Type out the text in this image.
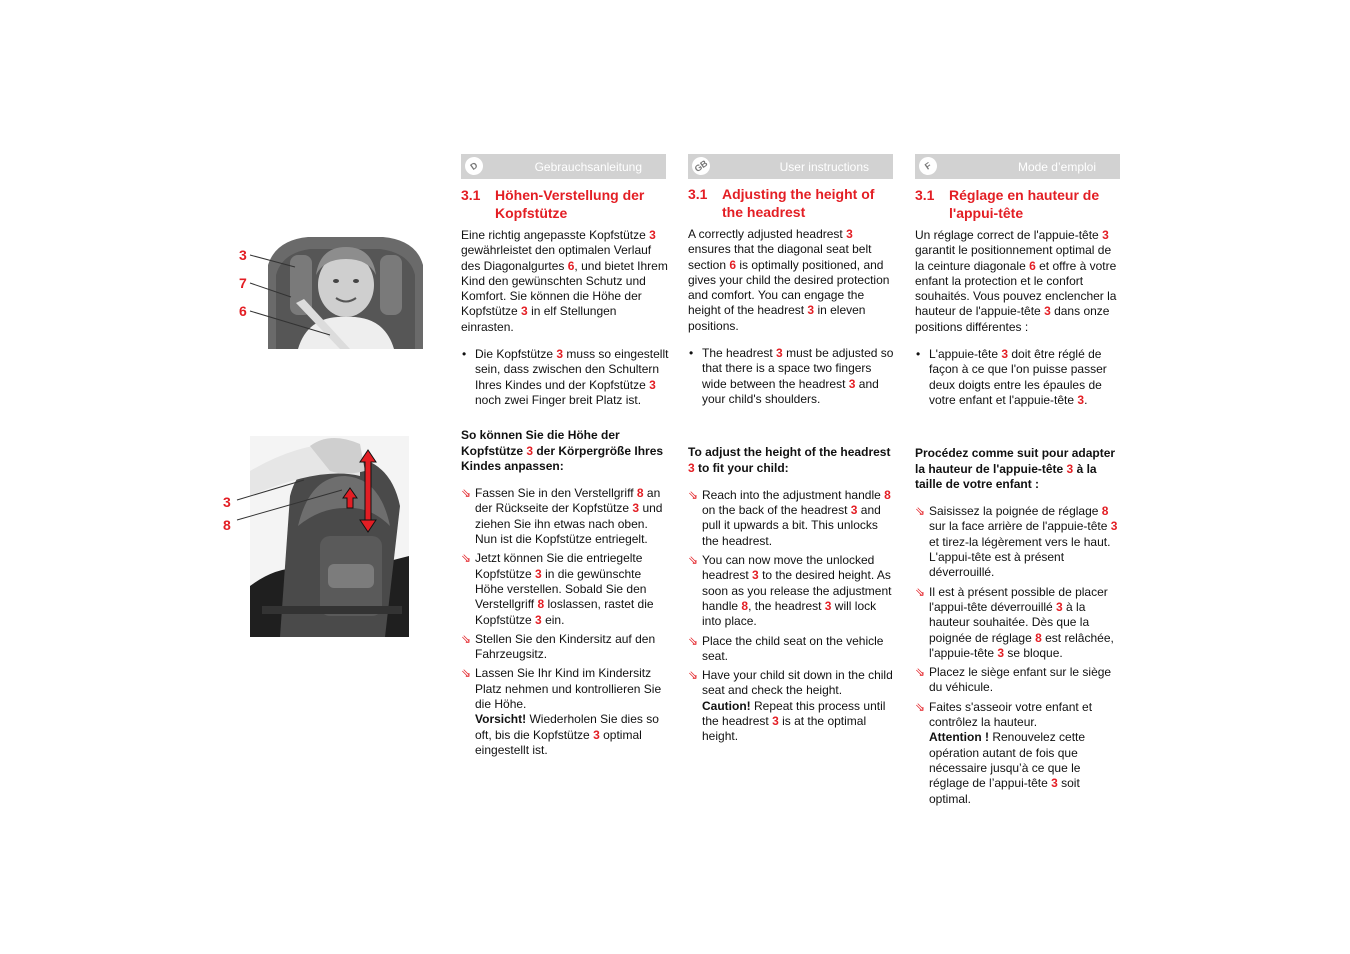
3
7
6
3
8
D	Gebrauchsanleitung	GB	User instructions	F	Mode d’emploi
3.1 Höhen-Verstellung der Kopfstütze

Eine richtig angepasste Kopfstütze 3 gewährleistet den optimalen Verlauf des Diagonalgurtes 6, und bietet Ihrem Kind den gewünschten Schutz und Komfort. Sie können die Höhe der Kopfstütze 3 in elf Stellungen einrasten.

• Die Kopfstütze 3 muss so eingestellt sein, dass zwischen den Schultern Ihres Kindes und der Kopfstütze 3 noch zwei Finger breit Platz ist.

So können Sie die Höhe der Kopfstütze 3 der Körpergröße Ihres Kindes anpassen:

⇘ Fassen Sie in den Verstellgriff 8 an der Rückseite der Kopfstütze 3 und ziehen Sie ihn etwas nach oben. Nun ist die Kopfstütze entriegelt.
⇘ Jetzt können Sie die entriegelte Kopfstütze 3 in die gewünschte Höhe verstellen. Sobald Sie den Verstellgriff 8 loslassen, rastet die Kopfstütze 3 ein.
⇘ Stellen Sie den Kindersitz auf den Fahrzeugsitz.
⇘ Lassen Sie Ihr Kind im Kindersitz Platz nehmen und kontrollieren Sie die Höhe.
Vorsicht! Wiederholen Sie dies so oft, bis die Kopfstütze 3 optimal eingestellt ist.
3.1 Adjusting the height of the headrest

A correctly adjusted headrest 3 ensures that the diagonal seat belt section 6 is optimally positioned, and gives your child the desired protection and comfort. You can engage the height of the headrest 3 in eleven positions.

• The headrest 3 must be adjusted so that there is a space two fingers wide between the headrest 3 and your child's shoulders.

To adjust the height of the headrest 3 to fit your child:

⇘ Reach into the adjustment handle 8 on the back of the headrest 3 and pull it upwards a bit. This unlocks the headrest.
⇘ You can now move the unlocked headrest 3 to the desired height. As soon as you release the adjustment handle 8, the headrest 3 will lock into place.
⇘ Place the child seat on the vehicle seat.
⇘ Have your child sit down in the child seat and check the height.
Caution! Repeat this process until the headrest 3 is at the optimal height.
3.1 Réglage en hauteur de l'appui-tête

Un réglage correct de l'appuie-tête 3 garantit le positionnement optimal de la ceinture diagonale 6 et offre à votre enfant la protection et le confort souhaités. Vous pouvez enclencher la hauteur de l'appuie-tête 3 dans onze positions différentes :

• L'appuie-tête 3 doit être réglé de façon à ce que l'on puisse passer deux doigts entre les épaules de votre enfant et l'appuie-tête 3.

Procédez comme suit pour adapter la hauteur de l'appuie-tête 3 à la taille de votre enfant :

⇘ Saisissez la poignée de réglage 8 sur la face arrière de l'appuie-tête 3 et tirez-la légèrement vers le haut. L'appui-tête est à présent déverrouillé.
⇘ Il est à présent possible de placer l'appui-tête déverrouillé 3 à la hauteur souhaitée. Dès que la poignée de réglage 8 est relâchée, l'appuie-tête 3 se bloque.
⇘ Placez le siège enfant sur le siège du véhicule.
⇘ Faites s'asseoir votre enfant et contrôlez la hauteur.
Attention ! Renouvelez cette opération autant de fois que nécessaire jusqu’à ce que le réglage de l’appui-tête 3 soit optimal.
